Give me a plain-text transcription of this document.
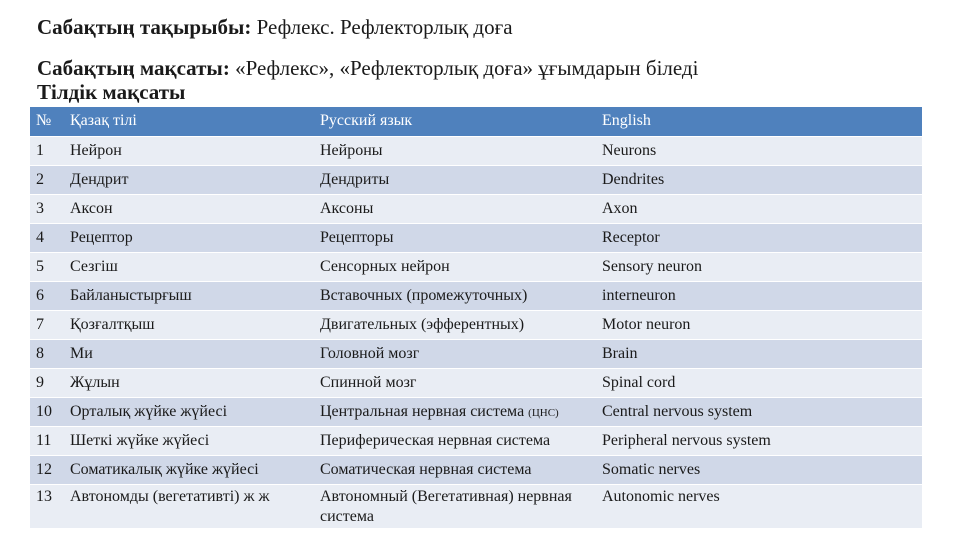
Сабақтың тақырыбы: Рефлекс. Рефлекторлық доға
Сабақтың мақсаты: «Рефлекс», «Рефлекторлық доға» ұғымдарын біледі
Тілдік мақсаты
№	Қазақ тілі	Русский язык	English
1	Нейрон	Нейроны	Neurons
2	Дендрит	Дендриты	Dendrites
3	Аксон	Аксоны	Axon
4	Рецептор	Рецепторы	Receptor
5	Сезгіш	Сенсорных нейрон	Sensory neuron
6	Байланыстырғыш	Вставочных (промежуточных)	interneuron
7	Қозғалтқыш	Двигательных (эфферентных)	Motor neuron
8	Ми	Головной мозг	Brain
9	Жұлын	Спинной мозг	Spinal cord
10	Орталық жүйке жүйесі	Центральная нервная система (ЦНС)	Central nervous system
11	Шеткі жүйке жүйесі	Периферическая нервная система	Peripheral nervous system
12	Соматикалық жүйке жүйесі	Соматическая нервная система	Somatic nerves
13	Автономды (вегетативті) ж ж	Автономный (Вегетативная) нервная система	Autonomic nerves
